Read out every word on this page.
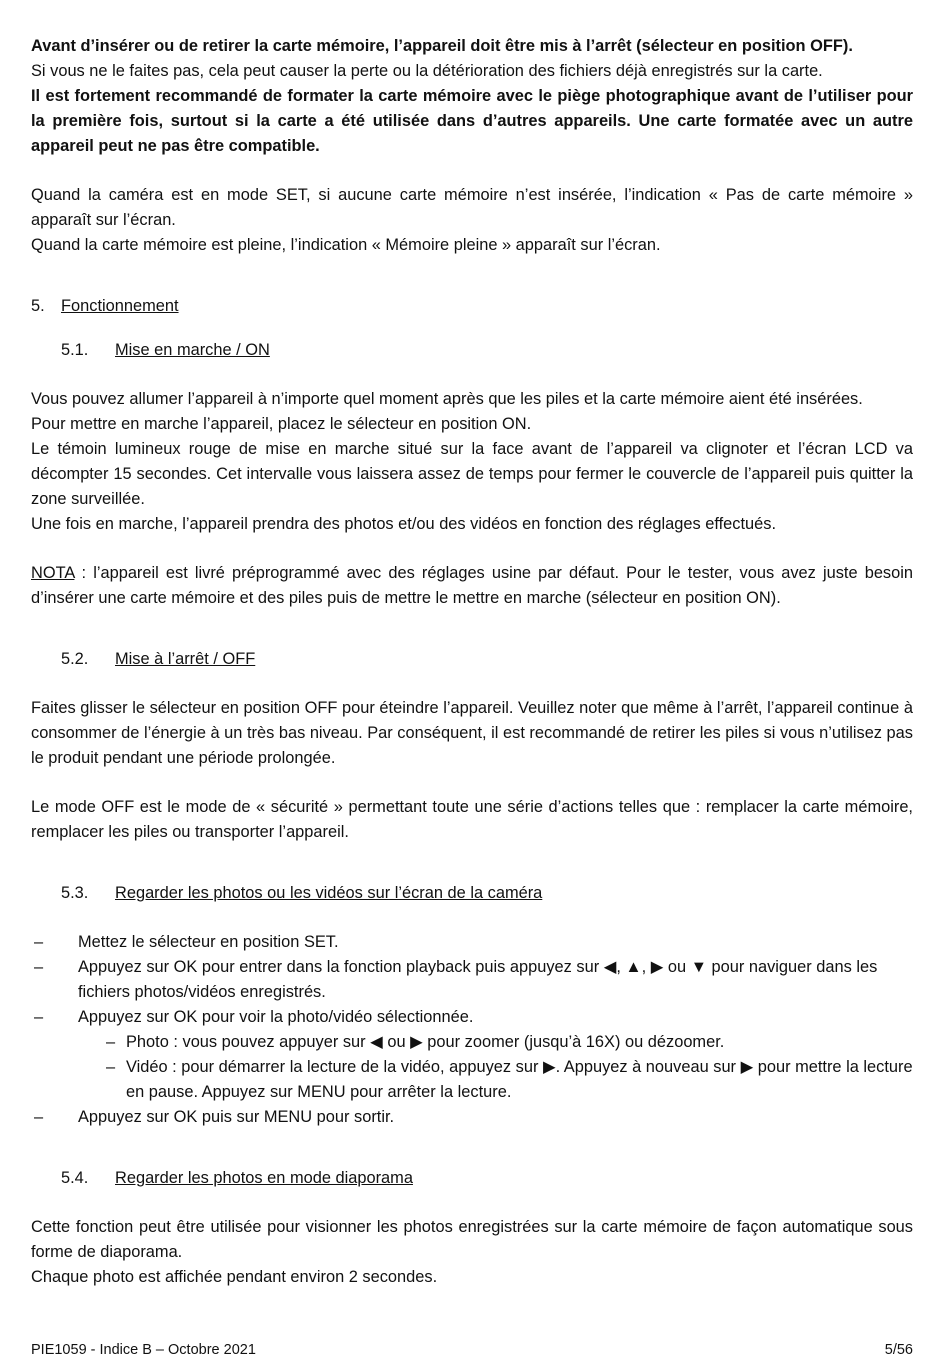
Avant d’insérer ou de retirer la carte mémoire, l’appareil doit être mis à l’arrêt (sélecteur en position OFF).

Si vous ne le faites pas, cela peut causer la perte ou la détérioration des fichiers déjà enregistrés sur la carte.

Il est fortement recommandé de formater la carte mémoire avec le piège photographique avant de l’utiliser pour la première fois, surtout si la carte a été utilisée dans d’autres appareils. Une carte formatée avec un autre appareil peut ne pas être compatible.

Quand la caméra est en mode SET, si aucune carte mémoire n’est insérée, l’indication « Pas de carte mémoire » apparaît sur l’écran.

Quand la carte mémoire est pleine, l’indication « Mémoire pleine » apparaît sur l’écran.

5. Fonctionnement
5.1.	Mise en marche / ON

Vous pouvez allumer l’appareil à n’importe quel moment après que les piles et la carte mémoire aient été insérées.

Pour mettre en marche l’appareil, placez le sélecteur en position ON.

Le témoin lumineux rouge de mise en marche situé sur la face avant de l’appareil va clignoter et l’écran LCD va décompter 15 secondes. Cet intervalle vous laissera assez de temps pour fermer le couvercle de l’appareil puis quitter la zone surveillée.

Une fois en marche, l’appareil prendra des photos et/ou des vidéos en fonction des réglages effectués.

NOTA : l’appareil est livré préprogrammé avec des réglages usine par défaut. Pour le tester, vous avez juste besoin d’insérer une carte mémoire et des piles puis de mettre le mettre en marche (sélecteur en position ON).

5.2.	Mise à l’arrêt / OFF

Faites glisser le sélecteur en position OFF pour éteindre l’appareil. Veuillez noter que même à l’arrêt, l’appareil continue à consommer de l’énergie à un très bas niveau. Par conséquent, il est recommandé de retirer les piles si vous n’utilisez pas le produit pendant une période prolongée.

Le mode OFF est le mode de « sécurité » permettant toute une série d’actions telles que : remplacer la carte mémoire, remplacer les piles ou transporter l’appareil.

5.3.	Regarder les photos ou les vidéos sur l’écran de la caméra
– Mettez le sélecteur en position SET.
– Appuyez sur OK pour entrer dans la fonction playback puis appuyez sur ◀, ▲, ▶ ou ▼ pour naviguer dans les fichiers photos/vidéos enregistrés.
– Appuyez sur OK pour voir la photo/vidéo sélectionnée.
– Photo : vous pouvez appuyer sur ◀ ou ▶ pour zoomer (jusqu’à 16X) ou dézoomer.
– Vidéo : pour démarrer la lecture de la vidéo, appuyez sur ▶. Appuyez à nouveau sur ▶ pour mettre la lecture en pause. Appuyez sur MENU pour arrêter la lecture.
– Appuyez sur OK puis sur MENU pour sortir.
5.4.	Regarder les photos en mode diaporama

Cette fonction peut être utilisée pour visionner les photos enregistrées sur la carte mémoire de façon automatique sous forme de diaporama.

Chaque photo est affichée pendant environ 2 secondes.

PIE1059 - Indice B – Octobre 2021	5/56
